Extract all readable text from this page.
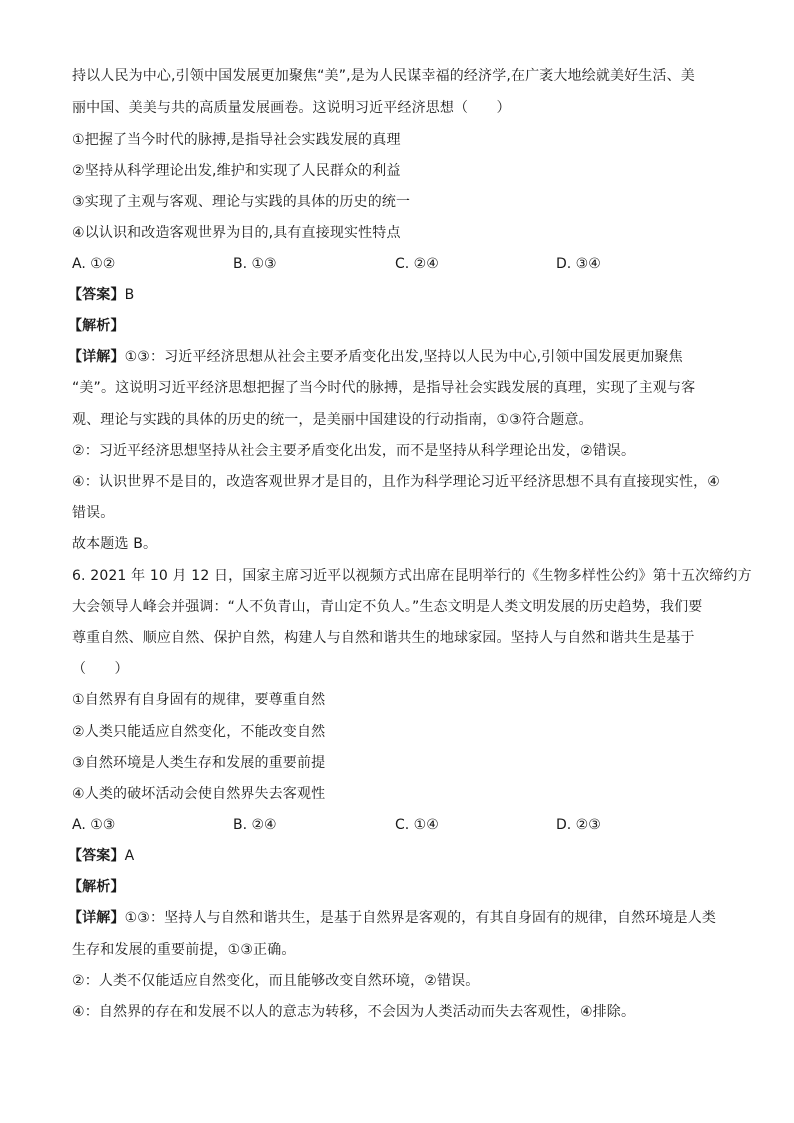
持以人民为中心,引领中国发展更加聚焦“美”,是为人民谋幸福的经济学,在广袤大地绘就美好生活、美
丽中国、美美与共的高质量发展画卷。这说明习近平经济思想（　　）
①把握了当今时代的脉搏,是指导社会实践发展的真理
②坚持从科学理论出发,维护和实现了人民群众的利益
③实现了主观与客观、理论与实践的具体的历史的统一
④以认识和改造客观世界为目的,具有直接现实性特点
A. ①②	B. ①③	C. ②④	D. ③④
【答案】B
【解析】
【详解】①③：习近平经济思想从社会主要矛盾变化出发,坚持以人民为中心,引领中国发展更加聚焦
“美”。这说明习近平经济思想把握了当今时代的脉搏，是指导社会实践发展的真理，实现了主观与客
观、理论与实践的具体的历史的统一，是美丽中国建设的行动指南，①③符合题意。
②：习近平经济思想坚持从社会主要矛盾变化出发，而不是坚持从科学理论出发，②错误。
④：认识世界不是目的，改造客观世界才是目的，且作为科学理论习近平经济思想不具有直接现实性，④
错误。
故本题选 B。
6. 2021 年 10 月 12 日，国家主席习近平以视频方式出席在昆明举行的《生物多样性公约》第十五次缔约方
大会领导人峰会并强调：“人不负青山，青山定不负人。”生态文明是人类文明发展的历史趋势，我们要
尊重自然、顺应自然、保护自然，构建人与自然和谐共生的地球家园。坚持人与自然和谐共生是基于
（　　）
①自然界有自身固有的规律，要尊重自然
②人类只能适应自然变化，不能改变自然
③自然环境是人类生存和发展的重要前提
④人类的破坏活动会使自然界失去客观性
A. ①③	B. ②④	C. ①④	D. ②③
【答案】A
【解析】
【详解】①③：坚持人与自然和谐共生，是基于自然界是客观的，有其自身固有的规律，自然环境是人类
生存和发展的重要前提，①③正确。
②：人类不仅能适应自然变化，而且能够改变自然环境，②错误。
④：自然界的存在和发展不以人的意志为转移，不会因为人类活动而失去客观性，④排除。
